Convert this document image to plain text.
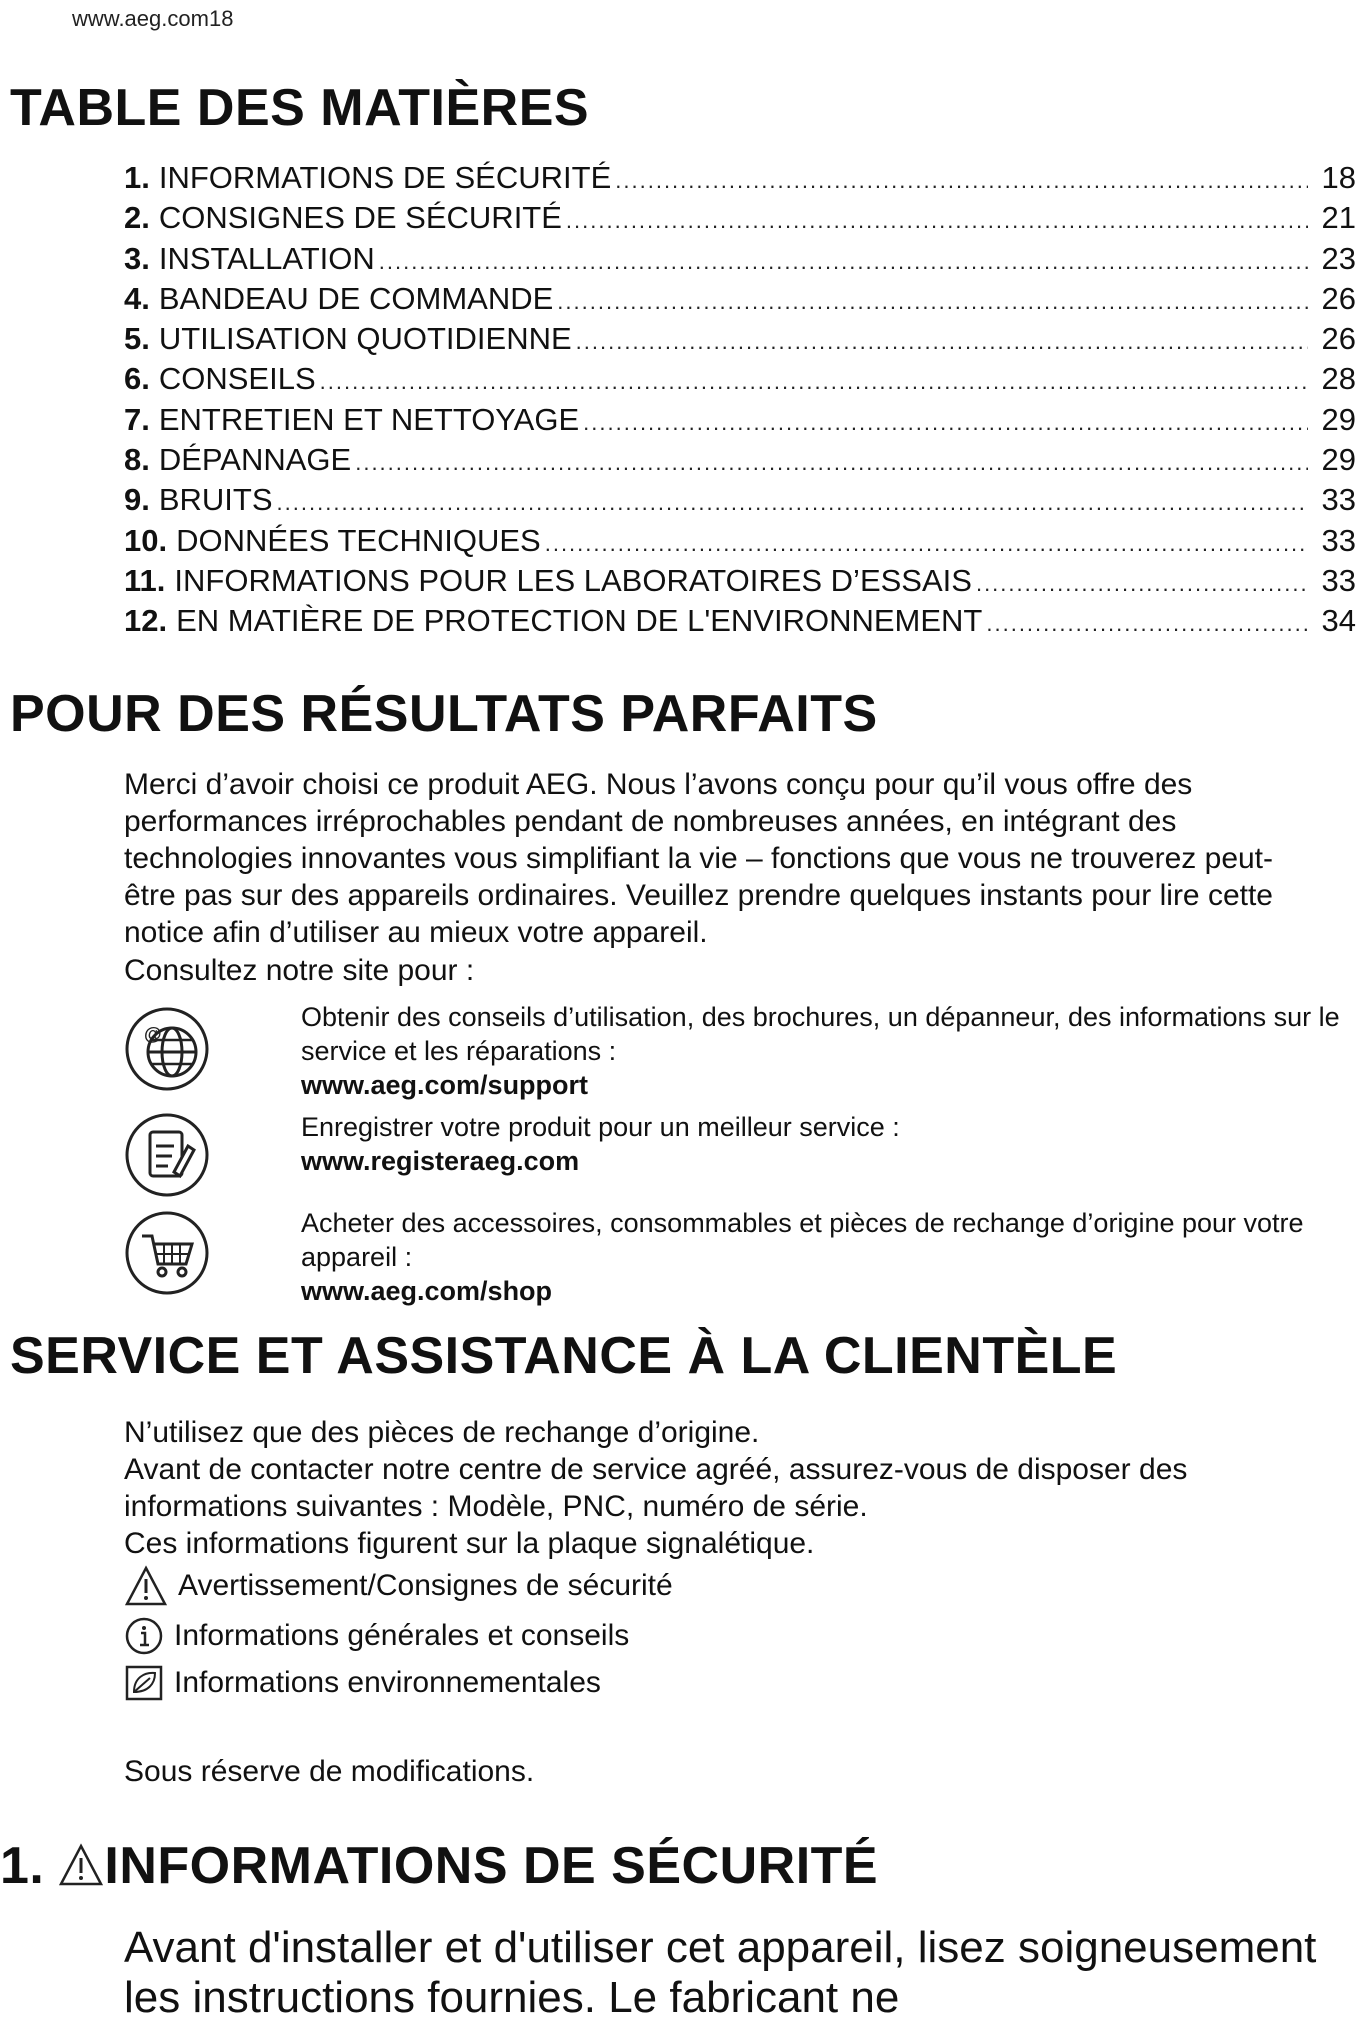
www.aeg.com18
TABLE DES MATIÈRES
1. INFORMATIONS DE SÉCURITÉ .....	18
2. CONSIGNES DE SÉCURITÉ .....	21
3. INSTALLATION .....	23
4. BANDEAU DE COMMANDE .....	26
5. UTILISATION QUOTIDIENNE .....	26
6. CONSEILS .....	28
7. ENTRETIEN ET NETTOYAGE .....	29
8. DÉPANNAGE .....	29
9. BRUITS .....	33
10. DONNÉES TECHNIQUES .....	33
11. INFORMATIONS POUR LES LABORATOIRES D’ESSAIS .....	33
12. EN MATIÈRE DE PROTECTION DE L'ENVIRONNEMENT .....	34
POUR DES RÉSULTATS PARFAITS

Merci d’avoir choisi ce produit AEG. Nous l’avons conçu pour qu’il vous offre des performances irréprochables pendant de nombreuses années, en intégrant des technologies innovantes vous simplifiant la vie – fonctions que vous ne trouverez peut-être pas sur des appareils ordinaires. Veuillez prendre quelques instants pour lire cette notice afin d’utiliser au mieux votre appareil.

Consultez notre site pour :

@
Obtenir des conseils d’utilisation, des brochures, un dépanneur, des informations sur le service et les réparations :
www.aeg.com/support
Enregistrer votre produit pour un meilleur service :
www.registeraeg.com
Acheter des accessoires, consommables et pièces de rechange d’origine pour votre appareil :
www.aeg.com/shop
SERVICE ET ASSISTANCE À LA CLIENTÈLE

N’utilisez que des pièces de rechange d’origine.

Avant de contacter notre centre de service agréé, assurez-vous de disposer des informations suivantes : Modèle, PNC, numéro de série.

Ces informations figurent sur la plaque signalétique.

Avertissement/Consignes de sécurité
Informations générales et conseils
Informations environnementales

Sous réserve de modifications.

1. INFORMATIONS DE SÉCURITÉ

Avant d'installer et d'utiliser cet appareil, lisez soigneusement les instructions fournies. Le fabricant ne
